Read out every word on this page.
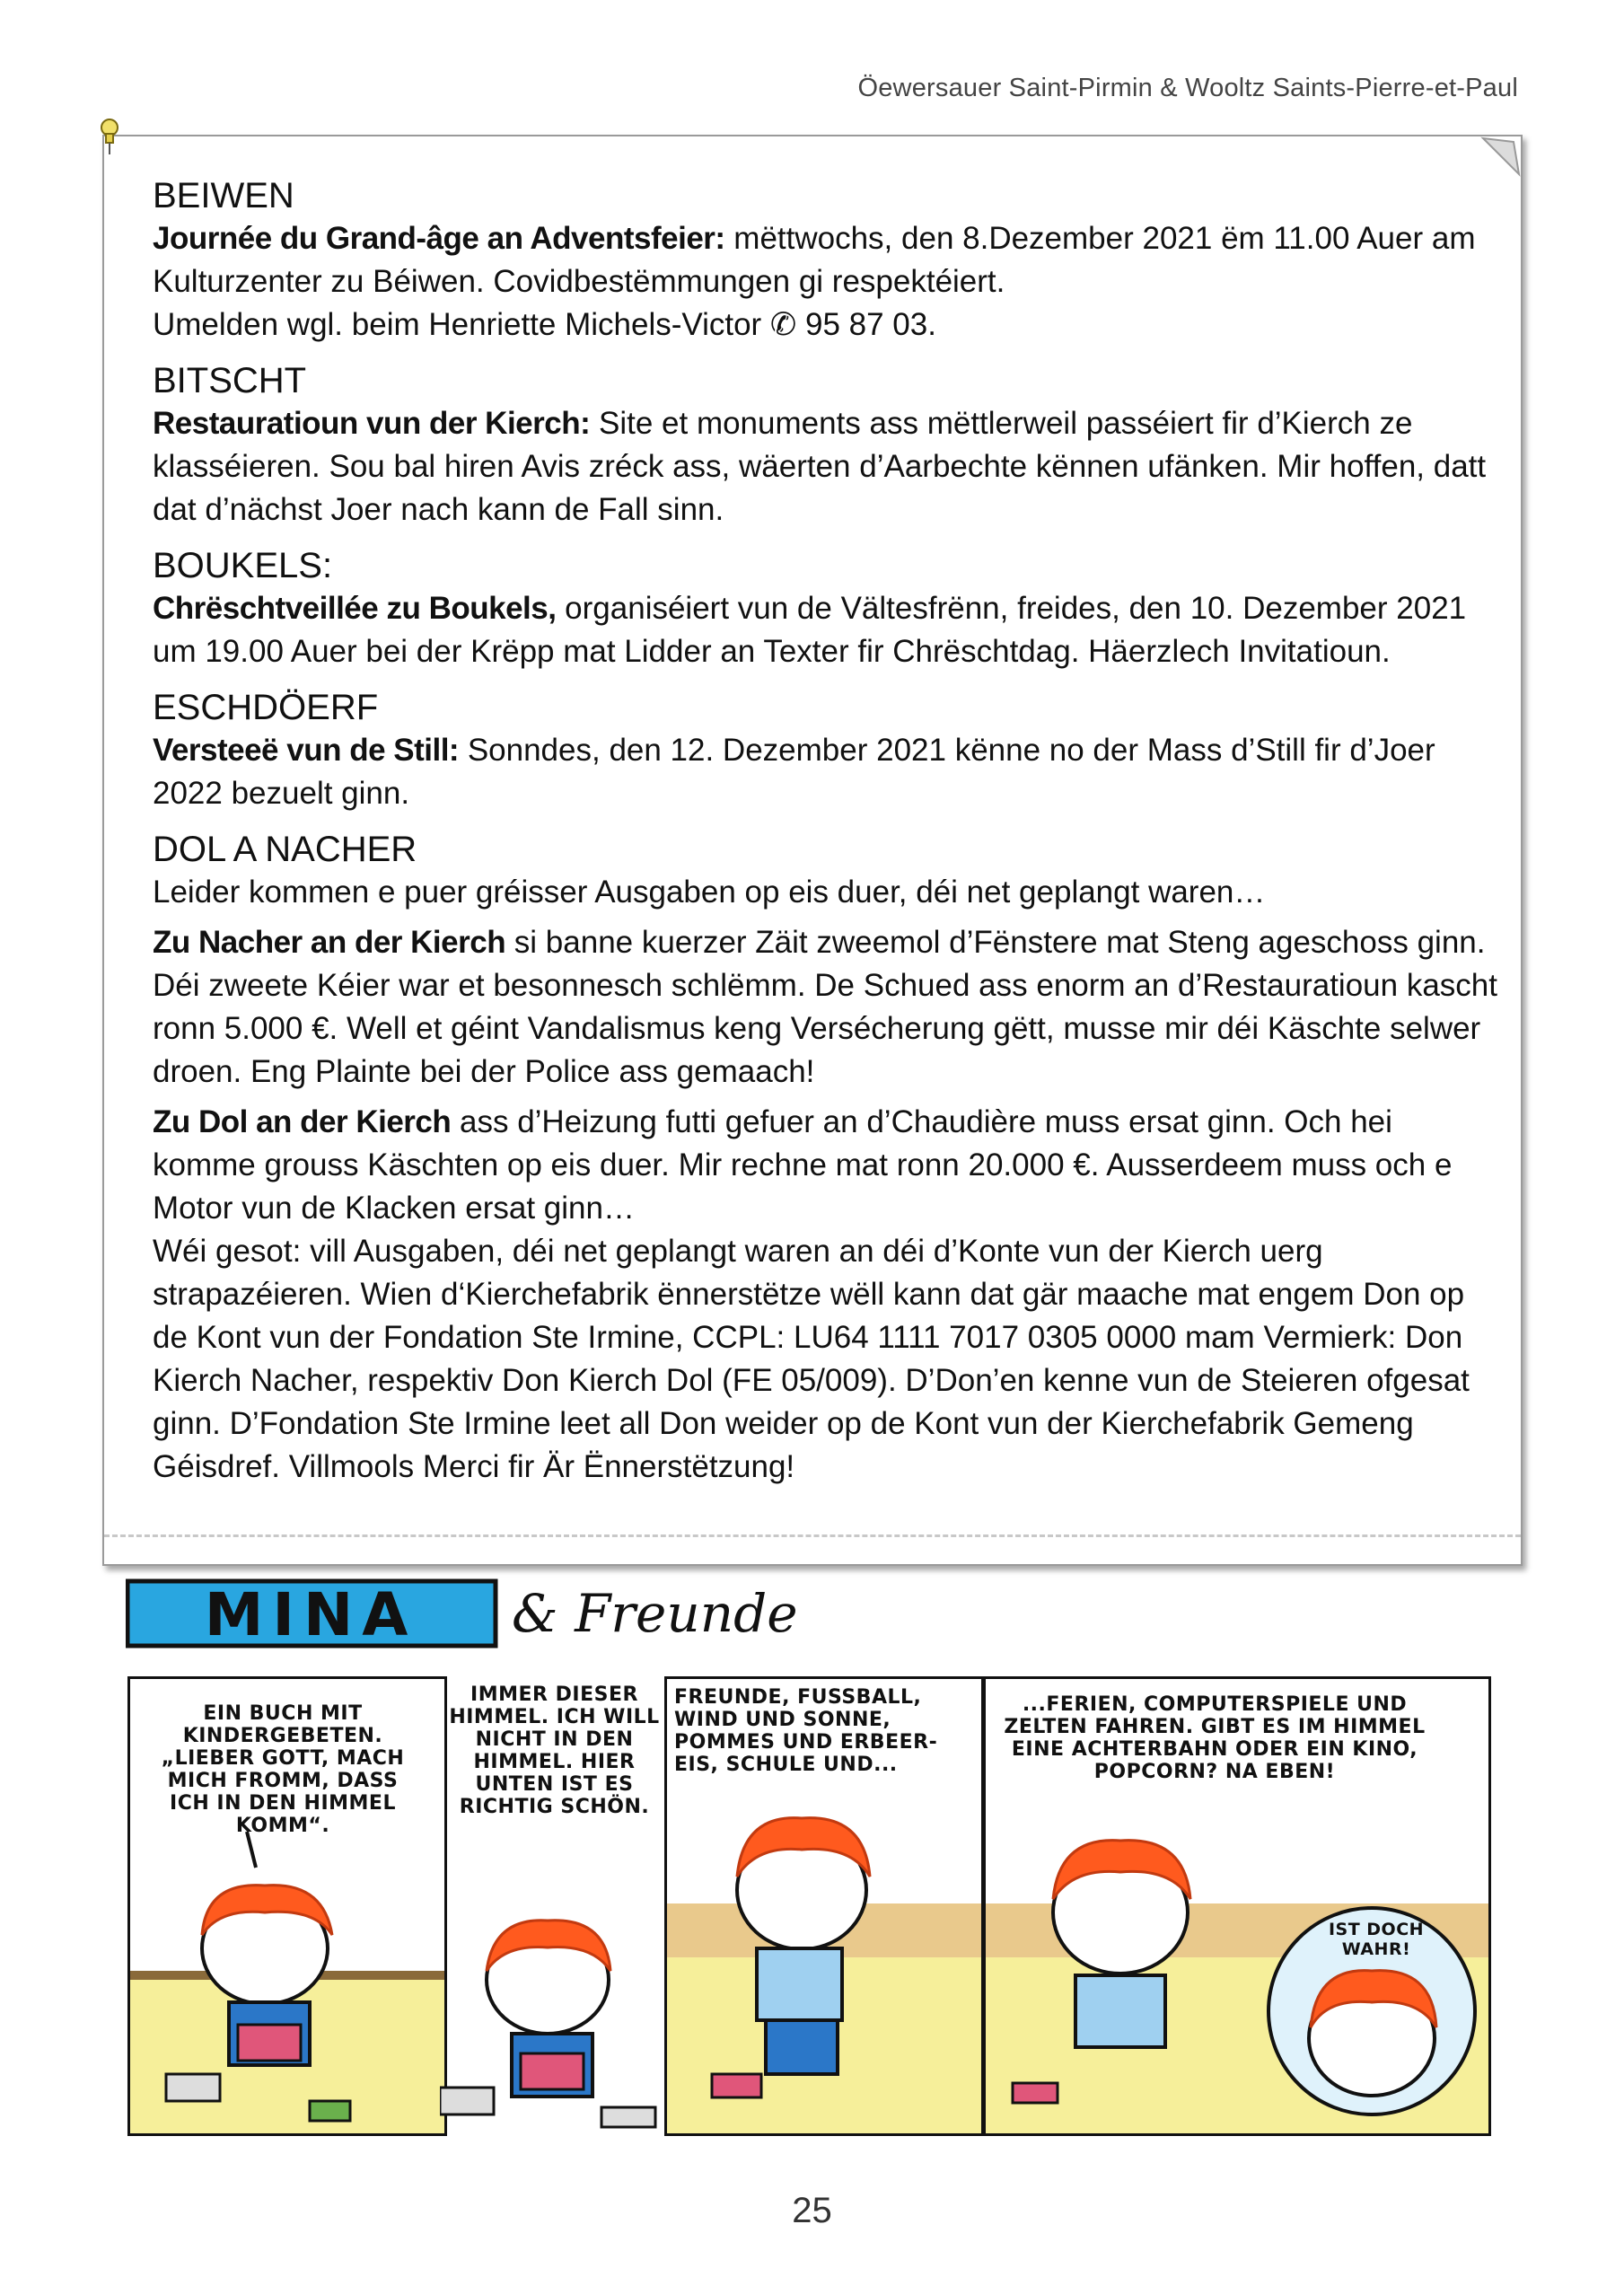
Öewersauer Saint-Pirmin & Wooltz Saints-Pierre-et-Paul
BEIWEN

Journée du Grand-âge an Adventsfeier: mëttwochs, den 8.Dezember 2021 ëm 11.00 Auer am Kulturzenter zu Béiwen. Covidbestëmmungen gi respektéiert.

Umelden wgl. beim Henriette Michels-Victor ✆ 95 87 03.

BITSCHT

Restauratioun vun der Kierch: Site et monuments ass mëttlerweil passéiert fir d’Kierch ze klasséieren. Sou bal hiren Avis zréck ass, wäerten d’Aarbechte kënnen ufänken. Mir hoffen, datt dat d’nächst Joer nach kann de Fall sinn.

BOUKELS:

Chrëschtveillée zu Boukels, organiséiert vun de Vältesfrënn, freides, den 10. Dezember 2021 um 19.00 Auer bei der Krëpp mat Lidder an Texter fir Chrëschtdag. Häerzlech Invitatioun.

ESCHDÖERF

Versteeë vun de Still: Sonndes, den 12. Dezember 2021 kënne no der Mass d’Still fir d’Joer 2022 bezuelt ginn.

DOL A NACHER

Leider kommen e puer gréisser Ausgaben op eis duer, déi net geplangt waren…

Zu Nacher an der Kierch si banne kuerzer Zäit zweemol d’Fënstere mat Steng ageschoss ginn. Déi zweete Kéier war et besonnesch schlëmm. De Schued ass enorm an d’Restauratioun kascht ronn 5.000 €. Well et géint Vandalismus keng Versécherung gëtt, musse mir déi Käschte selwer droen. Eng Plainte bei der Police ass gemaach!

Zu Dol an der Kierch ass d’Heizung futti gefuer an d’Chaudière muss ersat ginn. Och hei komme grouss Käschten op eis duer. Mir rechne mat ronn 20.000 €. Ausserdeem muss och e Motor vun de Klacken ersat ginn…

Wéi gesot: vill Ausgaben, déi net geplangt waren an déi d’Konte vun der Kierch uerg strapazéieren. Wien d‘Kierchefabrik ënnerstëtze wëll kann dat gär maache mat engem Don op de Kont vun der Fondation Ste Irmine, CCPL: LU64 1111 7017 0305 0000 mam Vermierk: Don Kierch Nacher, respektiv Don Kierch Dol (FE 05/009). D’Don’en kenne vun de Steieren ofgesat ginn. D’Fondation Ste Irmine leet all Don weider op de Kont vun der Kierchefabrik Gemeng Géisdref. Villmools Merci fir Är Ënnerstëtzung!

MINA & Freunde
EIN BUCH MIT KINDERGEBETEN. „LIEBER GOTT, MACH MICH FROMM, DASS ICH IN DEN HIMMEL KOMM“.
IMMER DIESER HIMMEL. ICH WILL NICHT IN DEN HIMMEL. HIER UNTEN IST ES RICHTIG SCHÖN.
FREUNDE, FUSSBALL, WIND UND SONNE, POMMES UND ERBEER-EIS, SCHULE UND...
...FERIEN, COMPUTERSPIELE UND ZELTEN FAHREN. GIBT ES IM HIMMEL EINE ACHTERBAHN ODER EIN KINO, POPCORN? NA EBEN!
IST DOCH WAHR!
25
